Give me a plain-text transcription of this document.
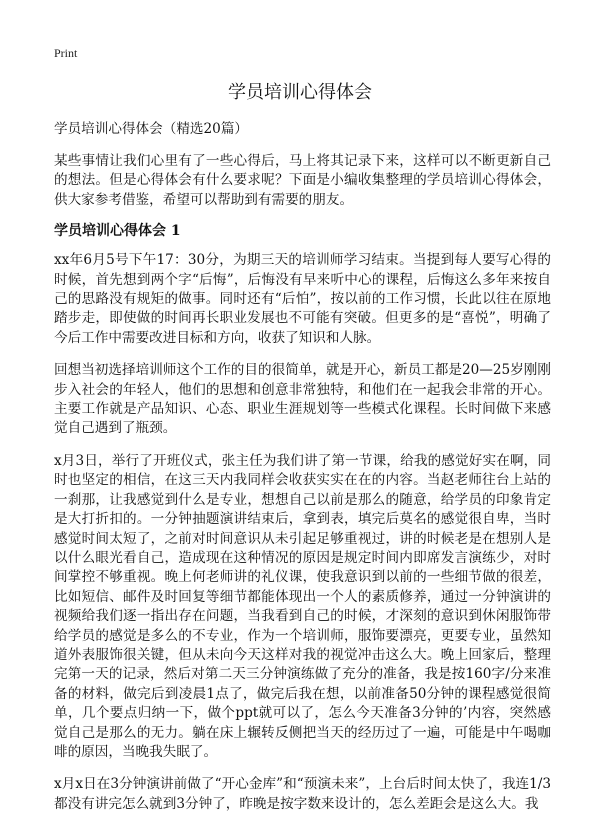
Print
学员培训心得体会

学员培训心得体会（精选20篇）

某些事情让我们心里有了一些心得后，马上将其记录下来，这样可以不断更新自己的想法。但是心得体会有什么要求呢？下面是小编收集整理的学员培训心得体会，供大家参考借鉴，希望可以帮助到有需要的朋友。

学员培训心得体会 1

xx年6月5号下午17：30分，为期三天的培训师学习结束。当提到每人要写心得的时候，首先想到两个字“后悔”，后悔没有早来听中心的课程，后悔这么多年来按自己的思路没有规矩的做事。同时还有“后怕”，按以前的工作习惯，长此以往在原地踏步走，即使做的时间再长职业发展也不可能有突破。但更多的是“喜悦”，明确了今后工作中需要改进目标和方向，收获了知识和人脉。

回想当初选择培训师这个工作的目的很简单，就是开心，新员工都是20—25岁刚刚步入社会的年轻人，他们的思想和创意非常独特，和他们在一起我会非常的开心。主要工作就是产品知识、心态、职业生涯规划等一些模式化课程。长时间做下来感觉自己遇到了瓶颈。

x月3日，举行了开班仪式，张主任为我们讲了第一节课，给我的感觉好实在啊，同时也坚定的相信，在这三天内我同样会收获实实在在的内容。当赵老师往台上站的一刹那，让我感觉到什么是专业，想想自己以前是那么的随意，给学员的印象肯定是大打折扣的。一分钟抽题演讲结束后，拿到表，填完后莫名的感觉很自卑，当时感觉时间太短了，之前对时间意识从未引起足够重视过，讲的时候老是在想别人是以什么眼光看自己，造成现在这种情况的原因是规定时间内即席发言演练少，对时间掌控不够重视。晚上何老师讲的礼仪课，使我意识到以前的一些细节做的很差，比如短信、邮件及时回复等细节都能体现出一个人的素质修养，通过一分钟演讲的视频给我们逐一指出存在问题，当我看到自己的时候，才深刻的意识到休闲服饰带给学员的感觉是多么的不专业，作为一个培训师，服饰要漂亮，更要专业，虽然知道外表服饰很关键，但从未向今天这样对我的视觉冲击这么大。晚上回家后，整理完第一天的记录，然后对第二天三分钟演练做了充分的准备，我是按160字/分来准备的材料，做完后到凌晨1点了，做完后我在想，以前准备50分钟的课程感觉很简单，几个要点归纳一下，做个ppt就可以了，怎么今天准备3分钟的’内容，突然感觉自己是那么的无力。躺在床上辗转反侧把当天的经历过了一遍，可能是中午喝咖啡的原因，当晚我失眠了。

x月x日在3分钟演讲前做了“开心金库”和“预演未来”，上台后时间太快了，我连1/3都没有讲完怎么就到3分钟了，昨晚是按字数来设计的，怎么差距会是这么大。我
